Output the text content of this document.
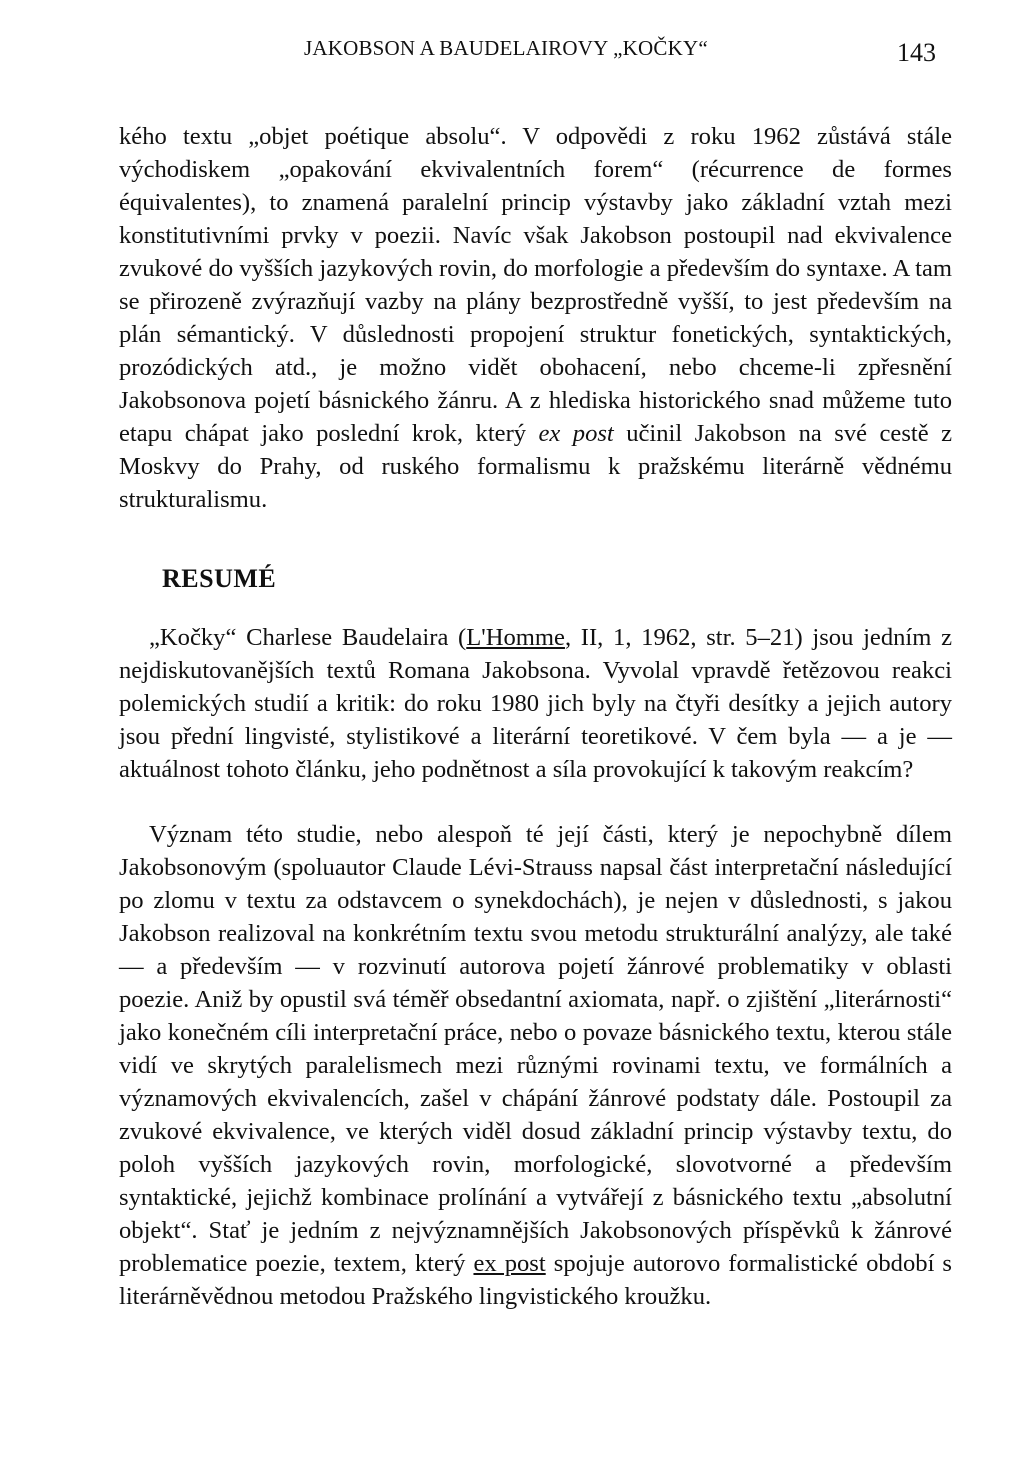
JAKOBSON A BAUDELAIROVY „KOČKY“	143

kého textu „objet poétique absolu“. V odpovědi z roku 1962 zůstává stále východiskem „opakování ekvivalentních forem“ (récurrence de formes équivalentes), to znamená paralelní princip výstavby jako základní vztah mezi konstitutivními prvky v poezii. Navíc však Jakobson postoupil nad ekvivalence zvukové do vyšších jazykových rovin, do morfologie a především do syntaxe. A tam se přirozeně zvýrazňují vazby na plány bezprostředně vyšší, to jest především na plán sémantický. V důslednosti propojení struktur fonetických, syntaktických, prozódických atd., je možno vidět obohacení, nebo chceme-li zpřesnění Jakobsonova pojetí básnického žánru. A z hlediska historického snad můžeme tuto etapu chápat jako poslední krok, který ex post učinil Jakobson na své cestě z Moskvy do Prahy, od ruského formalismu k pražskému literárně vědnému strukturalismu.

RESUMÉ

„Kočky“ Charlese Baudelaira (L'Homme, II, 1, 1962, str. 5–21) jsou jedním z nejdiskutovanějších textů Romana Jakobsona. Vyvolal vpravdě řetězovou reakci polemických studií a kritik: do roku 1980 jich byly na čtyři desítky a jejich autory jsou přední lingvisté, stylistikové a literární teoretikové. V čem byla — a je — aktuálnost tohoto článku, jeho podnětnost a síla provokující k takovým reakcím?

Význam této studie, nebo alespoň té její části, který je nepochybně dílem Jakobsonovým (spoluautor Claude Lévi-Strauss napsal část interpretační následující po zlomu v textu za odstavcem o synekdochách), je nejen v důslednosti, s jakou Jakobson realizoval na konkrétním textu svou metodu strukturální analýzy, ale také — a především — v rozvinutí autorova pojetí žánrové problematiky v oblasti poezie. Aniž by opustil svá téměř obsedantní axiomata, např. o zjištění „literárnosti“ jako konečném cíli interpretační práce, nebo o povaze básnického textu, kterou stále vidí ve skrytých paralelismech mezi různými rovinami textu, ve formálních a významových ekvivalencích, zašel v chápání žánrové podstaty dále. Postoupil za zvukové ekvivalence, ve kterých viděl dosud základní princip výstavby textu, do poloh vyšších jazykových rovin, morfologické, slovotvorné a především syntaktické, jejichž kombinace prolínání a vytvářejí z básnického textu „absolutní objekt“. Stať je jedním z nejvýznamnějších Jakobsonových příspěvků k žánrové problematice poezie, textem, který ex post spojuje autorovo formalistické období s literárněvědnou metodou Pražského lingvistického kroužku.
